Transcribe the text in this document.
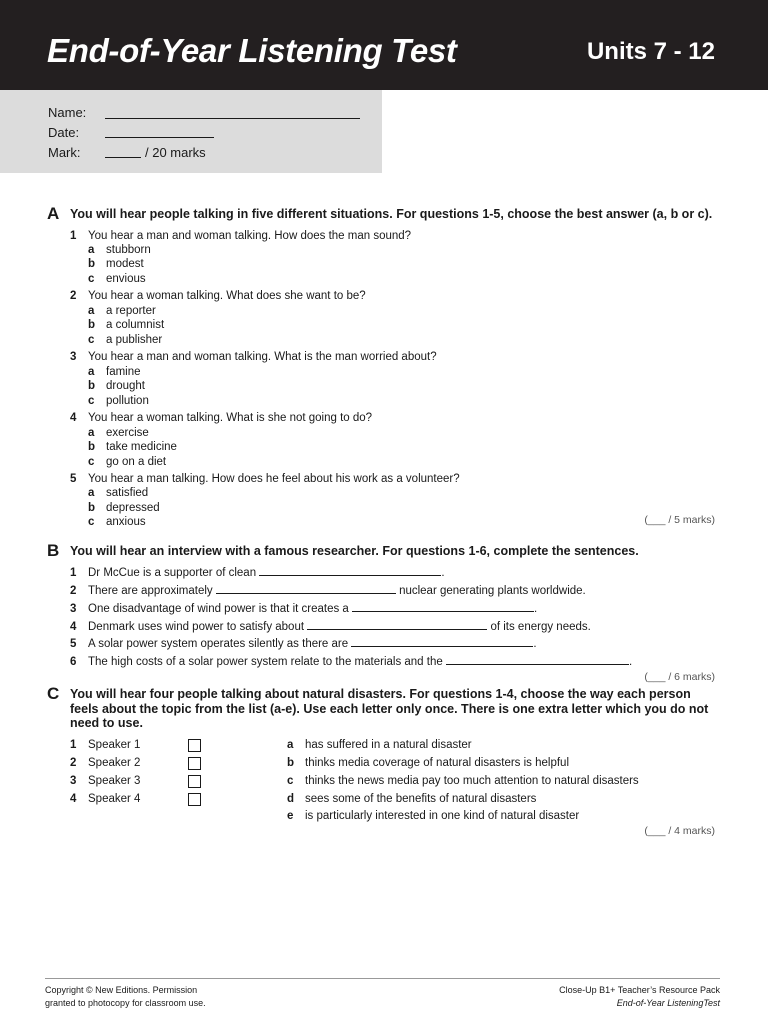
End-of-Year Listening Test	Units 7 - 12
Name:
Date:
Mark:	/ 20 marks
A You will hear people talking in five different situations. For questions 1-5, choose the best answer (a, b or c).
1 You hear a man and woman talking. How does the man sound?
a stubborn
b modest
c envious
2 You hear a woman talking. What does she want to be?
a a reporter
b a columnist
c a publisher
3 You hear a man and woman talking. What is the man worried about?
a famine
b drought
c pollution
4 You hear a woman talking. What is she not going to do?
a exercise
b take medicine
c go on a diet
5 You hear a man talking. How does he feel about his work as a volunteer?
a satisfied
b depressed
c anxious	(___ / 5 marks)
B You will hear an interview with a famous researcher. For questions 1-6, complete the sentences.
1 Dr McCue is a supporter of clean	.
2 There are approximately	nuclear generating plants worldwide.
3 One disadvantage of wind power is that it creates a	.
4 Denmark uses wind power to satisfy about	of its energy needs.
5 A solar power system operates silently as there are	.
6 The high costs of a solar power system relate to the materials and the	.
(___ / 6 marks)
C You will hear four people talking about natural disasters. For questions 1-4, choose the way each person feels about the topic from the list (a-e). Use each letter only once. There is one extra letter which you do not need to use.
1 Speaker 1
2 Speaker 2
3 Speaker 3
4 Speaker 4
a has suffered in a natural disaster
b thinks media coverage of natural disasters is helpful
c thinks the news media pay too much attention to natural disasters
d sees some of the benefits of natural disasters
e is particularly interested in one kind of natural disaster
(___ / 4 marks)
Copyright © New Editions. Permission
granted to photocopy for classroom use.
Close-Up B1+ Teacher’s Resource Pack
End-of-Year ListeningTest
